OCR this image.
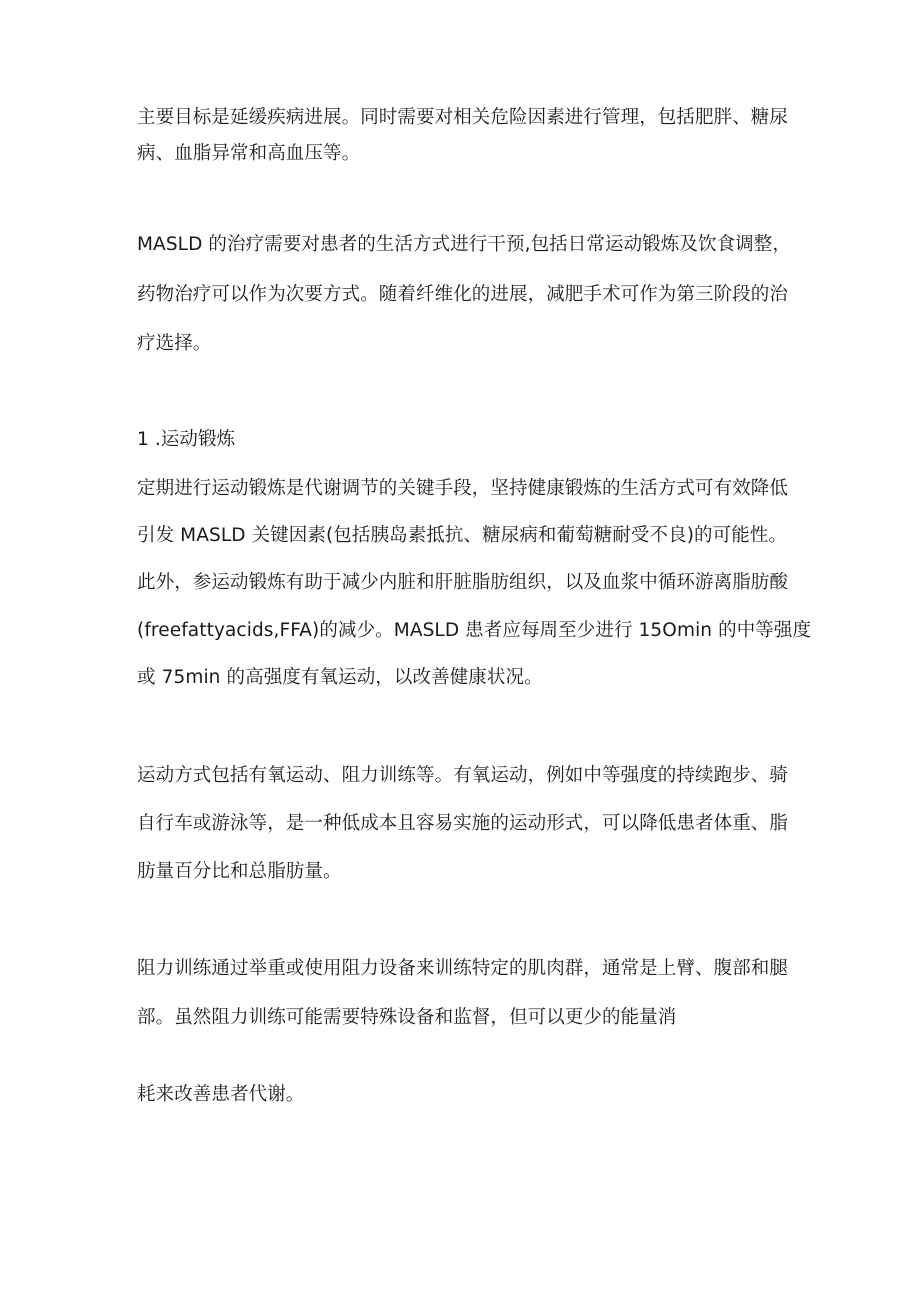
主要目标是延缓疾病进展。同时需要对相关危险因素进行管理，包括肥胖、糖尿
病、血脂异常和高血压等。
MASLD 的治疗需要对患者的生活方式进行干预,包括日常运动锻炼及饮食调整，
药物治疗可以作为次要方式。随着纤维化的进展，减肥手术可作为第三阶段的治
疗选择。
1 .运动锻炼
定期进行运动锻炼是代谢调节的关键手段，坚持健康锻炼的生活方式可有效降低
引发 MASLD 关键因素(包括胰岛素抵抗、糖尿病和葡萄糖耐受不良)的可能性。
此外，参运动锻炼有助于减少内脏和肝脏脂肪组织，以及血浆中循环游离脂肪酸
(freefattyacids,FFA)的减少。MASLD 患者应每周至少进行 15Omin 的中等强度
或 75min 的高强度有氧运动，以改善健康状况。
运动方式包括有氧运动、阻力训练等。有氧运动，例如中等强度的持续跑步、骑
自行车或游泳等，是一种低成本且容易实施的运动形式，可以降低患者体重、脂
肪量百分比和总脂肪量。
阻力训练通过举重或使用阻力设备来训练特定的肌肉群，通常是上臂、腹部和腿
部。虽然阻力训练可能需要特殊设备和监督，但可以更少的能量消
耗来改善患者代谢。
